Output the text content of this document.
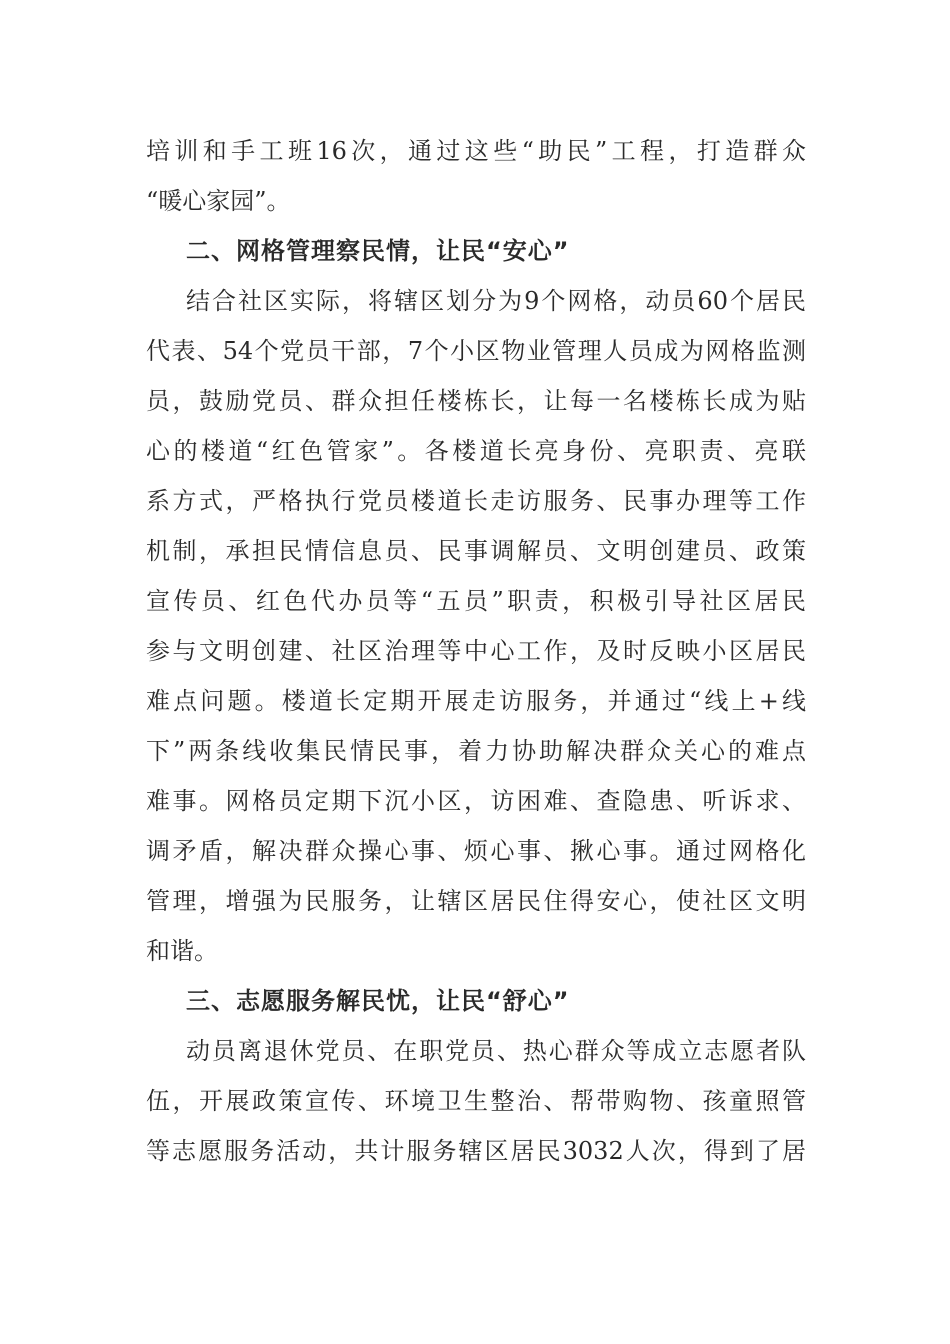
培训和手工班16次，通过这些“助民”工程，打造群众
“暖心家园”。
二、网格管理察民情，让民“安心”
结合社区实际，将辖区划分为9个网格，动员60个居民
代表、54个党员干部，7个小区物业管理人员成为网格监测
员，鼓励党员、群众担任楼栋长，让每一名楼栋长成为贴
心的楼道“红色管家”。各楼道长亮身份、亮职责、亮联
系方式，严格执行党员楼道长走访服务、民事办理等工作
机制，承担民情信息员、民事调解员、文明创建员、政策
宣传员、红色代办员等“五员”职责，积极引导社区居民
参与文明创建、社区治理等中心工作，及时反映小区居民
难点问题。楼道长定期开展走访服务，并通过“线上+线
下”两条线收集民情民事，着力协助解决群众关心的难点
难事。网格员定期下沉小区，访困难、查隐患、听诉求、
调矛盾，解决群众操心事、烦心事、揪心事。通过网格化
管理，增强为民服务，让辖区居民住得安心，使社区文明
和谐。
三、志愿服务解民忧，让民“舒心”
动员离退休党员、在职党员、热心群众等成立志愿者队
伍，开展政策宣传、环境卫生整治、帮带购物、孩童照管
等志愿服务活动，共计服务辖区居民3032人次，得到了居
